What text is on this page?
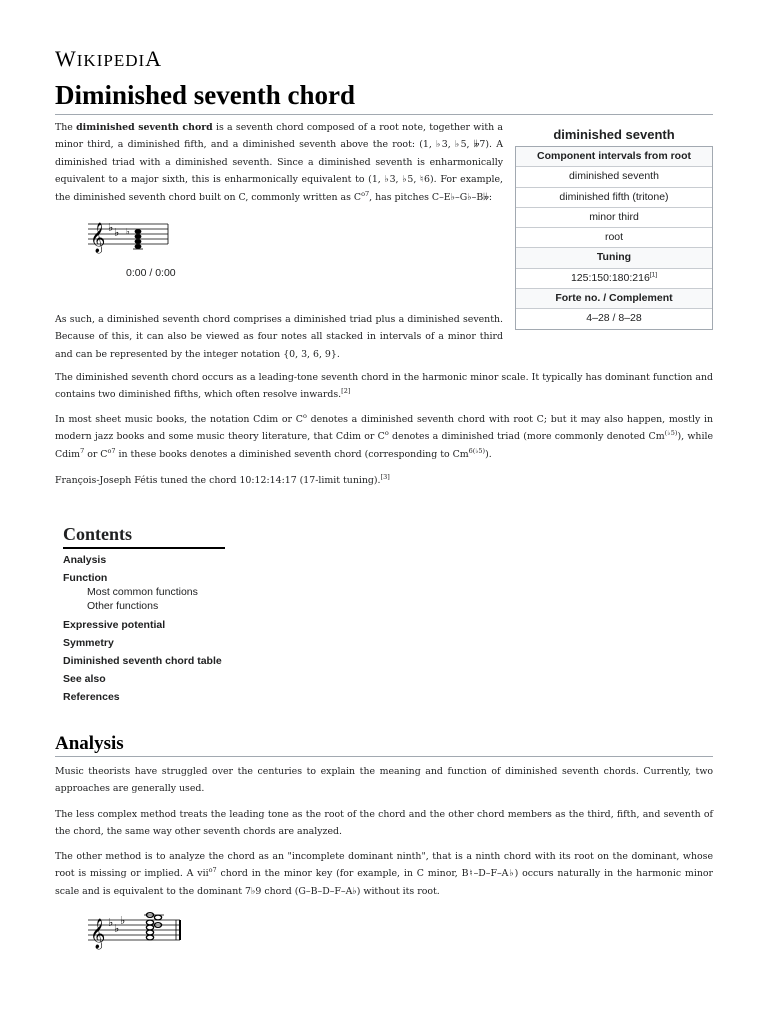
WIKIPEDIA
Diminished seventh chord
The diminished seventh chord is a seventh chord composed of a root note, together with a minor third, a diminished fifth, and a diminished seventh above the root: (1, ♭3, ♭5, 𝄫7). A diminished triad with a diminished seventh. Since a diminished seventh is enharmonically equivalent to a major sixth, this is enharmonically equivalent to (1, ♭3, ♭5, ♮6). For example, the diminished seventh chord built on C, commonly written as $C^{o7}$, has pitches C–E♭–G♭–B𝄫:
𝄞 ♭ ♭ ♭
0:00 / 0:00
diminished seventh
Component intervals from root
diminished seventh
diminished fifth (tritone)
minor third
root
Tuning
125:150:180:216[1]
Forte no. / Complement
4–28 / 8–28
As such, a diminished seventh chord comprises a diminished triad plus a diminished seventh. Because of this, it can also be viewed as four notes all stacked in intervals of a minor third and can be represented by the integer notation {0, 3, 6, 9}.
The diminished seventh chord occurs as a leading-tone seventh chord in the harmonic minor scale. It typically has dominant function and contains two diminished fifths, which often resolve inwards.[2]
In most sheet music books, the notation Cdim or $C^o$ denotes a diminished seventh chord with root C; but it may also happen, mostly in modern jazz books and some music theory literature, that Cdim or $C^o$ denotes a diminished triad (more commonly denoted $Cm^{(♭5)}$), while Cdim$^7$ or $C^{o7}$ in these books denotes a diminished seventh chord (corresponding to $Cm^{6(♭5)}$).
François-Joseph Fétis tuned the chord 10:12:14:17 (17-limit tuning).[3]
Contents
Analysis
Function
Most common functions
Other functions
Expressive potential
Symmetry
Diminished seventh chord table
See also
References
Analysis
Music theorists have struggled over the centuries to explain the meaning and function of diminished seventh chords. Currently, two approaches are generally used.
The less complex method treats the leading tone as the root of the chord and the other chord members as the third, fifth, and seventh of the chord, the same way other seventh chords are analyzed.
The other method is to analyze the chord as an "incomplete dominant ninth", that is a ninth chord with its root on the dominant, whose root is missing or implied. A vii$^{o7}$ chord in the minor key (for example, in C minor, B♮–D–F–A♭) occurs naturally in the harmonic minor scale and is equivalent to the dominant 7♭9 chord (G–B–D–F–A♭) without its root.
𝄞 ♭ ♭
♭
